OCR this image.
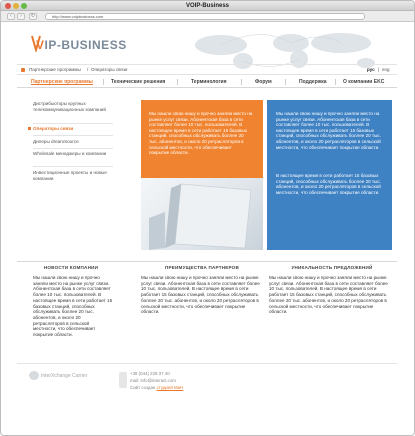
VOIP-Business
‹	›	↻	http://www.voipbusiness.com
VIP-BUSINESS
Партнерские программы / Операторы связи	рус | eng
Партнерские программы	Технические решения	Терминология	Форум	Поддержка	О компании EKC
Дистрибьюторы крупных телекоммуникационных компаний
Операторы связи
Дилеры dreamSource
Wholesale менеджеры и компании
Инвестиционные проекты и новые компании
Мы нашли свою нишу и прочно заняли место на рынке услуг связи. Абонентская база в сети составляет более 10 тыс. пользователей. В настоящее время в сети работает 15 базовых станций, способных обслуживать боллее 20 тыс. абонентов, и около 20 ретрасляторов в сельской местности, что обеспечивает покрытие области.
Мы нашли свою нишу и прочно заняли место на рынке услуг связи. Абонентская база в сети составляет более 10 тыс. пользователей. В настоящее время в сети работает 15 базовых станций, способных обслуживать боллее 20 тыс. абонентов, и около 20 ретрасляторов в сельской местности, что обеспечивает покрытие области.
В настоящее время в сети работает 15 базовых станций, способных обслуживать боллее 20 тыс. абонентов, и около 20 ретрасляторов в сельской местности, что обеспечивает покрытие области.
НОВОСТИ КОМПАНИИ
Мы нашли свою нишу и прочно заняли место на рынке услуг связи. Абонентская база в сети составляет более 10 тыс. пользователей. В настоящее время в сети работает 15 базовых станций, способных обслуживать боллее 20 тыс. абонентов, и около 20 ретрасляторов в сельской местности, что обеспечивает покрытие области.
ПРЕИМУЩЕСТВА ПАРТНЕРОВ
Мы нашли свою нишу и прочно заняли место на рынке услуг связи. Абонентская база в сети составляет более 10 тыс. пользователей. В настоящее время в сети работает 15 базовых станций, способных обслуживать боллее 20 тыс. абонентов, и около 20 ретрасляторов в сельской местности, что обеспечивает покрытие области.
УНИКАЛЬНОСТЬ ПРЕДЛОЖЕНИЙ
Мы нашли свою нишу и прочно заняли место на рынке услуг связи. Абонентская база в сети составляет более 10 тыс. пользователей. В настоящее время в сети работает 15 базовых станций, способных обслуживать боллее 20 тыс. абонентов, и около 20 ретрасляторов в сельской местности, что обеспечивает покрытие области.
InterXchange Carrier	+38 (044) 229 37 40
mail: info@interact.com
Сайт создан студией MaH
